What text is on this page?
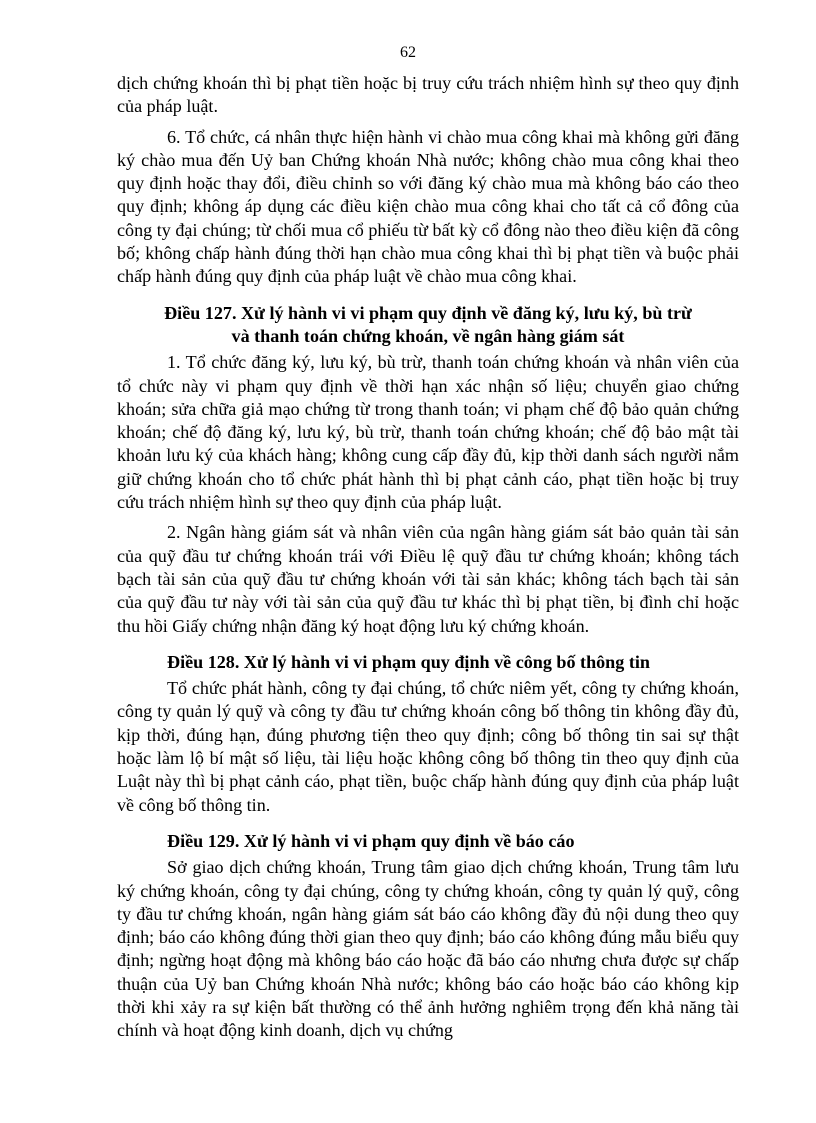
62

dịch chứng khoán thì bị phạt tiền hoặc bị truy cứu trách nhiệm hình sự theo quy định của pháp luật.

6. Tổ chức, cá nhân thực hiện hành vi chào mua công khai mà không gửi đăng ký chào mua đến Uỷ ban Chứng khoán Nhà nước; không chào mua công khai theo quy định hoặc thay đổi, điều chỉnh so với đăng ký chào mua mà không báo cáo theo quy định; không áp dụng các điều kiện chào mua công khai cho tất cả cổ đông của công ty đại chúng; từ chối mua cổ phiếu từ bất kỳ cổ đông nào theo điều kiện đã công bố; không chấp hành đúng thời hạn chào mua công khai thì bị phạt tiền và buộc phải chấp hành đúng quy định của pháp luật về chào mua công khai.

Điều 127. Xử lý hành vi vi phạm quy định về đăng ký, lưu ký, bù trừ
và thanh toán chứng khoán, về ngân hàng giám sát

1. Tổ chức đăng ký, lưu ký, bù trừ, thanh toán chứng khoán và nhân viên của tổ chức này vi phạm quy định về thời hạn xác nhận số liệu; chuyển giao chứng khoán; sửa chữa giả mạo chứng từ trong thanh toán; vi phạm chế độ bảo quản chứng khoán; chế độ đăng ký, lưu ký, bù trừ, thanh toán chứng khoán; chế độ bảo mật tài khoản lưu ký của khách hàng; không cung cấp đầy đủ, kịp thời danh sách người nắm giữ chứng khoán cho tổ chức phát hành thì bị phạt cảnh cáo, phạt tiền hoặc bị truy cứu trách nhiệm hình sự theo quy định của pháp luật.

2. Ngân hàng giám sát và nhân viên của ngân hàng giám sát bảo quản tài sản của quỹ đầu tư chứng khoán trái với Điều lệ quỹ đầu tư chứng khoán; không tách bạch tài sản của quỹ đầu tư chứng khoán với tài sản khác; không tách bạch tài sản của quỹ đầu tư này với tài sản của quỹ đầu tư khác thì bị phạt tiền, bị đình chỉ hoặc thu hồi Giấy chứng nhận đăng ký hoạt động lưu ký chứng khoán.

Điều 128. Xử lý hành vi vi phạm quy định về công bố thông tin

Tổ chức phát hành, công ty đại chúng, tổ chức niêm yết, công ty chứng khoán, công ty quản lý quỹ và công ty đầu tư chứng khoán công bố thông tin không đầy đủ, kịp thời, đúng hạn, đúng phương tiện theo quy định; công bố thông tin sai sự thật hoặc làm lộ bí mật số liệu, tài liệu hoặc không công bố thông tin theo quy định của Luật này thì bị phạt cảnh cáo, phạt tiền, buộc chấp hành đúng quy định của pháp luật về công bố thông tin.

Điều 129. Xử lý hành vi vi phạm quy định về báo cáo

Sở giao dịch chứng khoán, Trung tâm giao dịch chứng khoán, Trung tâm lưu ký chứng khoán, công ty đại chúng, công ty chứng khoán, công ty quản lý quỹ, công ty đầu tư chứng khoán, ngân hàng giám sát báo cáo không đầy đủ nội dung theo quy định; báo cáo không đúng thời gian theo quy định; báo cáo không đúng mẫu biểu quy định; ngừng hoạt động mà không báo cáo hoặc đã báo cáo nhưng chưa được sự chấp thuận của Uỷ ban Chứng khoán Nhà nước; không báo cáo hoặc báo cáo không kịp thời khi xảy ra sự kiện bất thường có thể ảnh hưởng nghiêm trọng đến khả năng tài chính và hoạt động kinh doanh, dịch vụ chứng
